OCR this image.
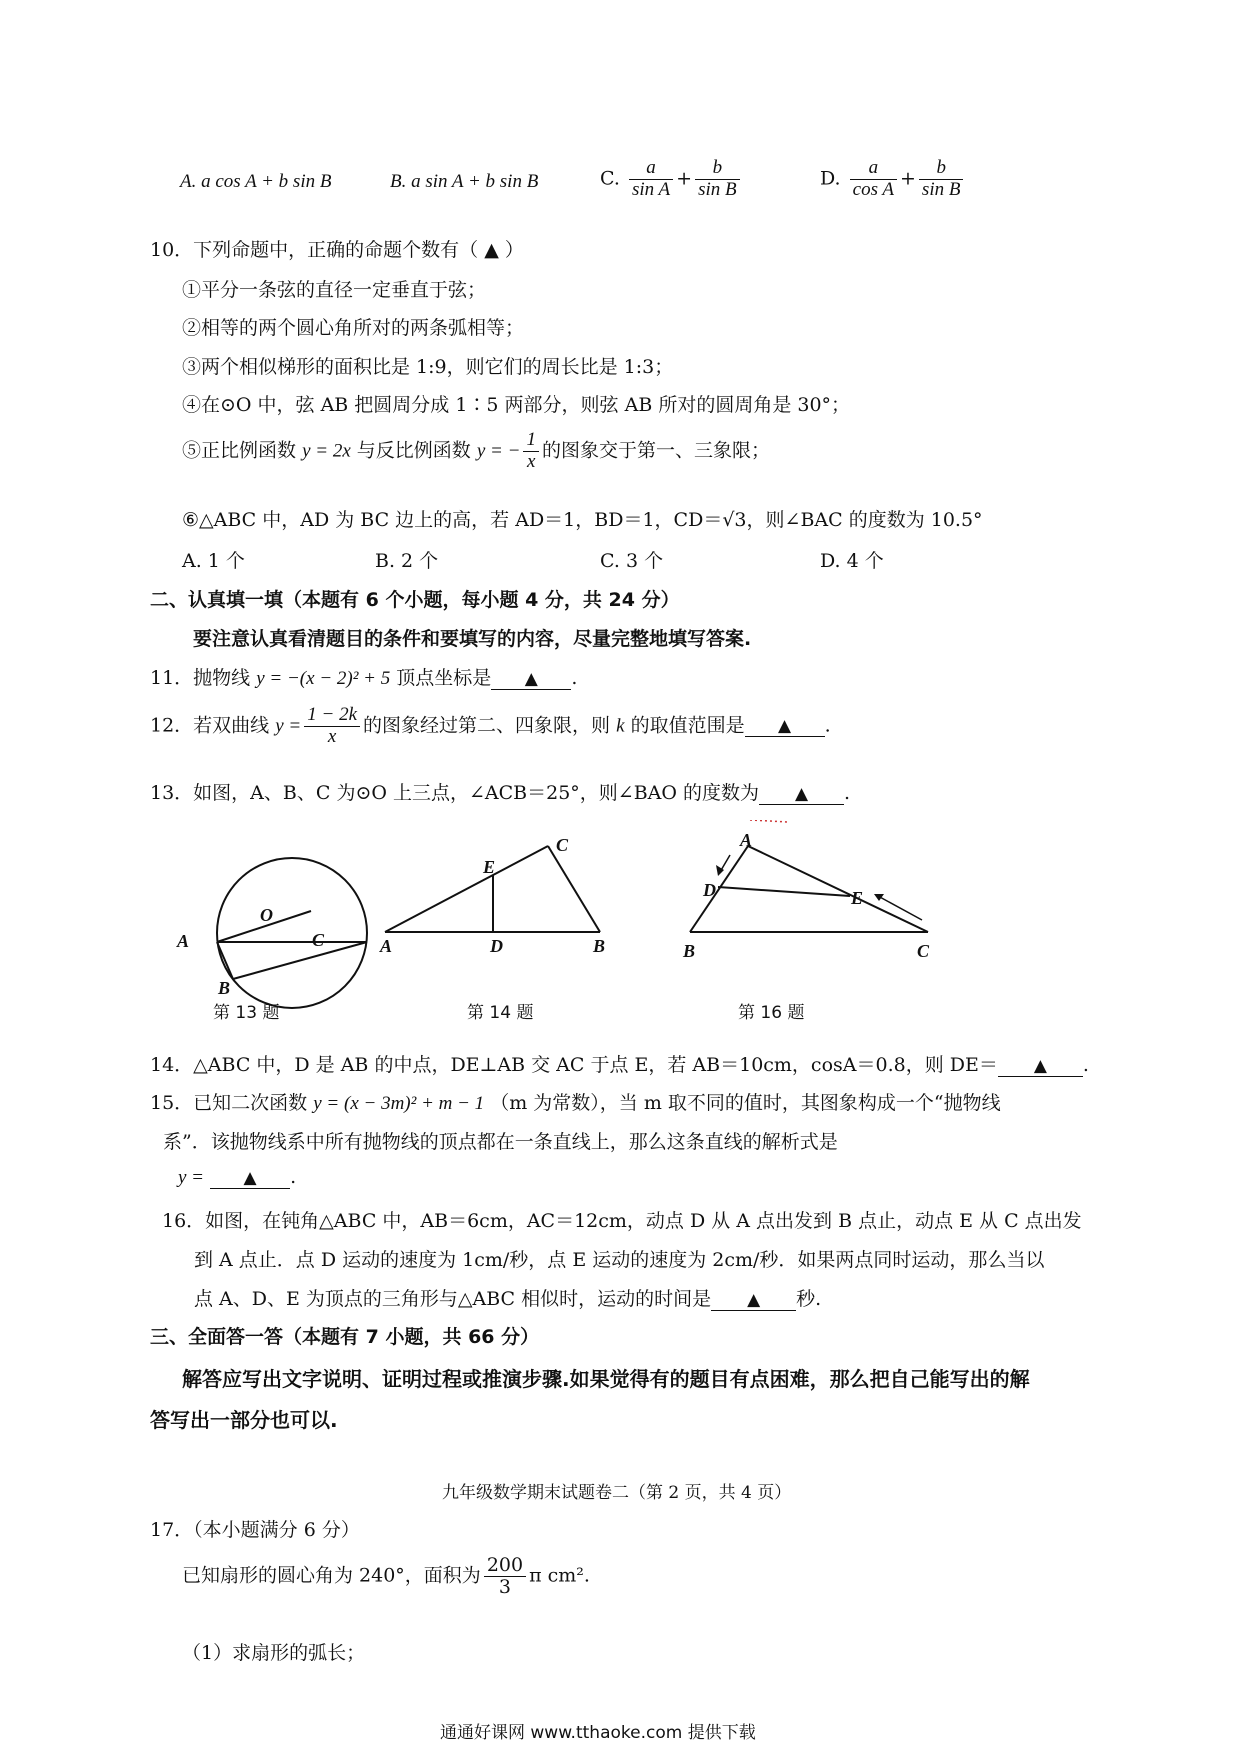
A. a cos A + b sin B	B. a sin A + b sin B	C. $\frac{a}{\text{sin A}} + \frac{b}{\text{sin B}}$	D. $\frac{a}{\text{cos A}} + \frac{b}{\text{sin B}}$
10．下列命题中，正确的命题个数有（ ▲ ）
①平分一条弦的直径一定垂直于弦；
②相等的两个圆心角所对的两条弧相等；
③两个相似梯形的面积比是 1:9，则它们的周长比是 1:3；
④在⊙O 中，弦 AB 把圆周分成 1∶5 两部分，则弦 AB 所对的圆周角是 30°；
⑤正比例函数 y = 2x 与反比例函数 y = − $\frac{1}{x}$ 的图象交于第一、三象限；
⑥△ABC 中，AD 为 BC 边上的高，若 AD＝1，BD＝1，CD＝√3，则∠BAC 的度数为 10.5°
A. 1 个	B. 2 个	C. 3 个	D. 4 个
二、认真填一填（本题有 6 个小题，每小题 4 分，共 24 分）
要注意认真看清题目的条件和要填写的内容，尽量完整地填写答案.
11．抛物线 y = −(x − 2)² + 5 顶点坐标是 ▲ .
12．若双曲线 $y = \frac{1 - 2k}{x}$ 的图象经过第二、四象限，则 k 的取值范围是 ▲ .
13．如图，A、B、C 为⊙O 上三点，∠ACB＝25°，则∠BAO 的度数为 ▲ .
O
A	C
B
E
C
A	D	B
A
D	E
B	C
第 13 题	第 14 题	第 16 题
14．△ABC 中，D 是 AB 的中点，DE⊥AB 交 AC 于点 E，若 AB＝10cm，cosA＝0.8，则 DE＝ ▲ .
15．已知二次函数 y = (x − 3m)² + m − 1 （m 为常数），当 m 取不同的值时，其图象构成一个“抛物线
系”．该抛物线系中所有抛物线的顶点都在一条直线上，那么这条直线的解析式是
y = ▲ .
16．如图，在钝角△ABC 中，AB＝6cm，AC＝12cm，动点 D 从 A 点出发到 B 点止，动点 E 从 C 点出发
到 A 点止．点 D 运动的速度为 1cm/秒，点 E 运动的速度为 2cm/秒．如果两点同时运动，那么当以
点 A、D、E 为顶点的三角形与△ABC 相似时，运动的时间是 ▲ 秒.
三、全面答一答（本题有 7 小题，共 66 分）
解答应写出文字说明、证明过程或推演步骤.如果觉得有的题目有点困难，那么把自己能写出的解
答写出一部分也可以.
九年级数学期末试题卷二（第 2 页，共 4 页）
17．（本小题满分 6 分）
已知扇形的圆心角为 240°，面积为 $\frac{200}{3}$ π cm².
（1）求扇形的弧长；
通通好课网 www.tthaoke.com 提供下载
